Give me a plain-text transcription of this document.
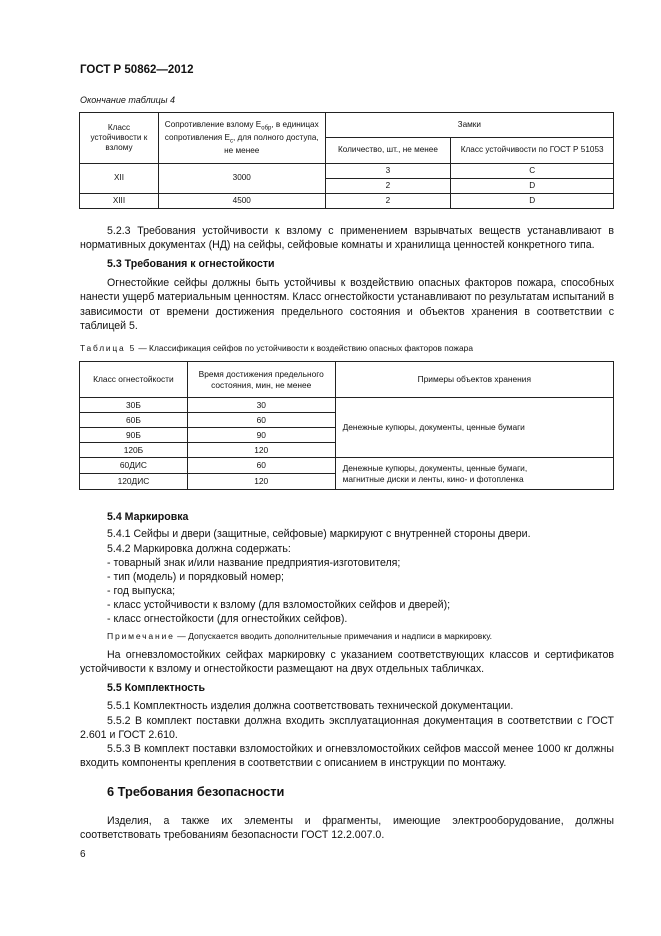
ГОСТ Р 50862—2012
Окончание таблицы 4
Класс устойчивости к взлому	Сопротивление взлому $E_{обр}$, в единицах сопротивления $E_c$, для полного доступа, не менее	Замки	
		Количество, шт., не менее	Класс устойчивости по ГОСТ Р 51053
XII	3000	3	C
		2	D
XIII	4500	2	D
5.2.3 Требования устойчивости к взлому с применением взрывчатых веществ устанавливают в нормативных документах (НД) на сейфы, сейфовые комнаты и хранилища ценностей конкретного типа.
5.3 Требования к огнестойкости
Огнестойкие сейфы должны быть устойчивы к воздействию опасных факторов пожара, способных нанести ущерб материальным ценностям. Класс огнестойкости устанавливают по результатам испытаний в зависимости от времени достижения предельного состояния и объектов хранения в соответствии с таблицей 5.
Таблица 5 — Классификация сейфов по устойчивости к воздействию опасных факторов пожара
Класс огнестойкости	Время достижения предельного состояния, мин, не менее	Примеры объектов хранения
30Б	30	Денежные купюры, документы, ценные бумаги
60Б	60	
90Б	90	
120Б	120	
60ДИС	60	Денежные купюры, документы, ценные бумаги,
магнитные диски и ленты, кино- и фотопленка

120ДИС	120	
5.4 Маркировка
5.4.1 Сейфы и двери (защитные, сейфовые) маркируют с внутренней стороны двери.
5.4.2 Маркировка должна содержать:
- товарный знак и/или название предприятия-изготовителя;
- тип (модель) и порядковый номер;
- год выпуска;
- класс устойчивости к взлому (для взломостойких сейфов и дверей);
- класс огнестойкости (для огнестойких сейфов).
Примечание — Допускается вводить дополнительные примечания и надписи в маркировку.
На огневзломостойких сейфах маркировку с указанием соответствующих классов и сертификатов устойчивости к взлому и огнестойкости размещают на двух отдельных табличках.
5.5 Комплектность
5.5.1 Комплектность изделия должна соответствовать технической документации.
5.5.2 В комплект поставки должна входить эксплуатационная документация в соответствии с ГОСТ 2.601 и ГОСТ 2.610.
5.5.3 В комплект поставки взломостойких и огневзломостойких сейфов массой менее 1000 кг должны входить компоненты крепления в соответствии с описанием в инструкции по монтажу.
6 Требования безопасности
Изделия, а также их элементы и фрагменты, имеющие электрооборудование, должны соответствовать требованиям безопасности ГОСТ 12.2.007.0.
6
